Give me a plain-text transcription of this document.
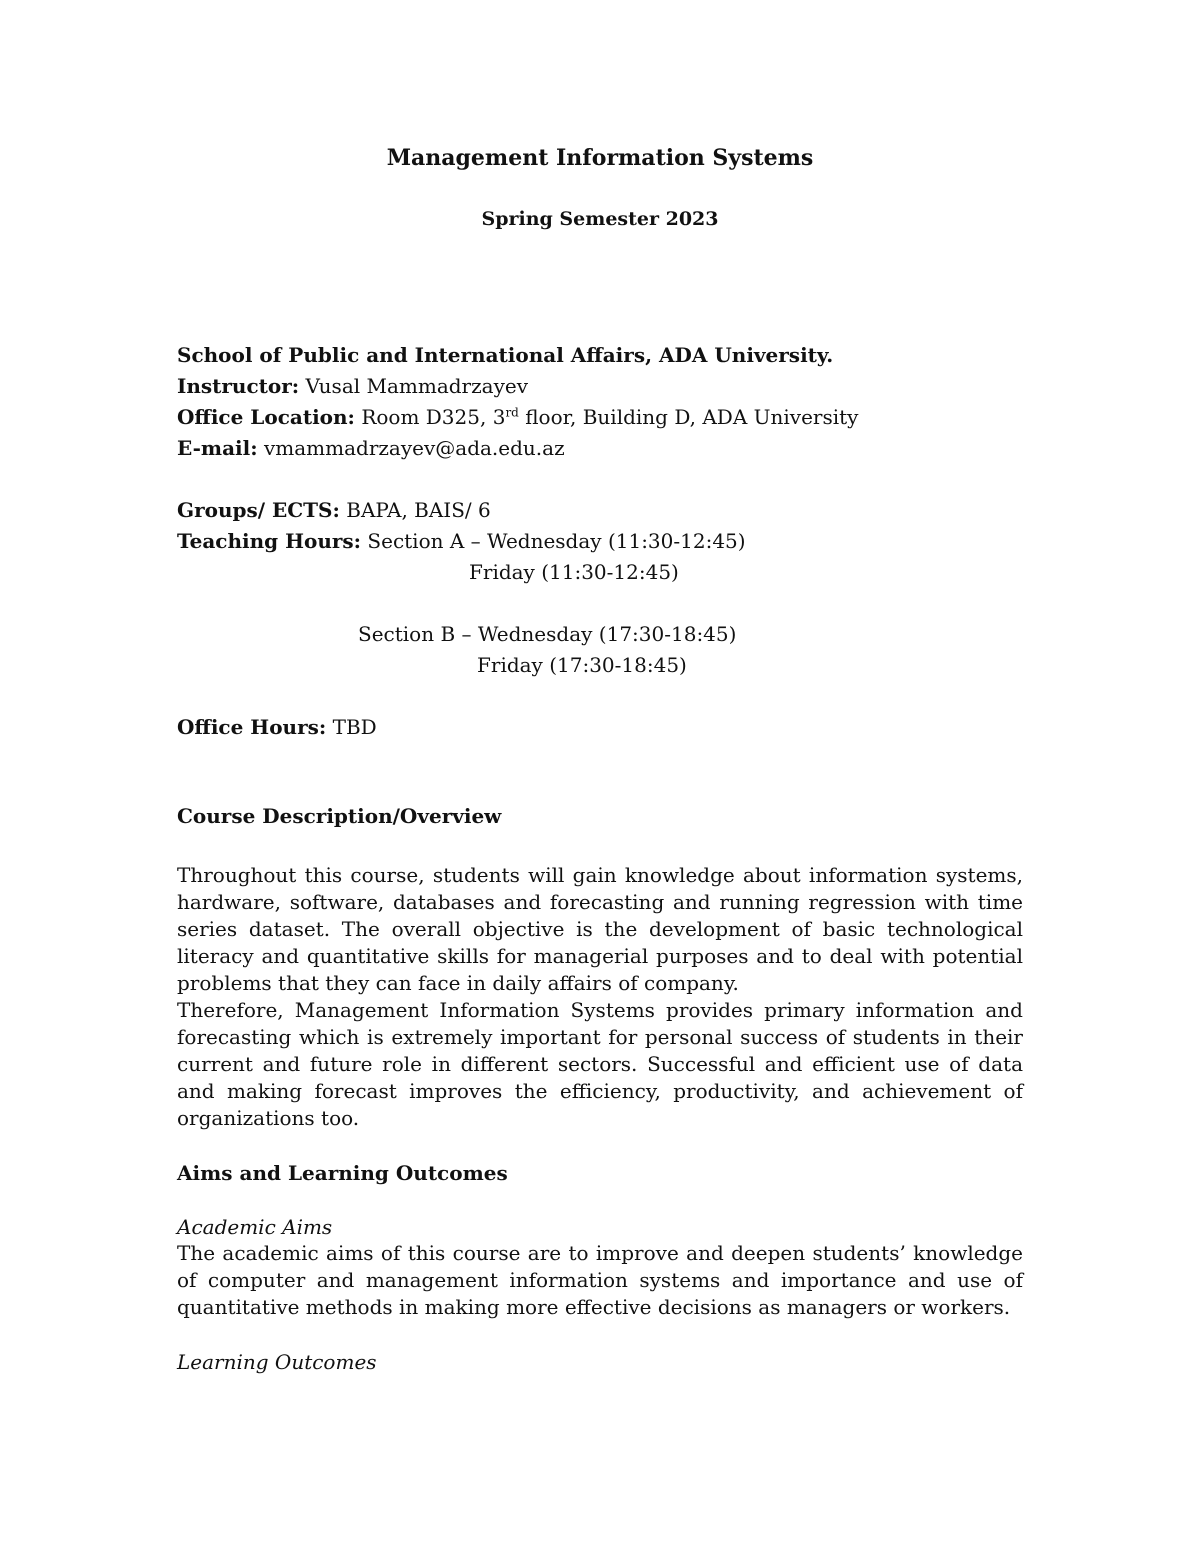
Management Information Systems
Spring Semester 2023
School of Public and International Affairs, ADA University.
Instructor: Vusal Mammadrzayev
Office Location: Room D325, 3rd floor, Building D, ADA University
E-mail: vmammadrzayev@ada.edu.az
Groups/ ECTS: BAPA, BAIS/ 6
Teaching Hours: Section A – Wednesday (11:30-12:45)
Friday (11:30-12:45)
Section B – Wednesday (17:30-18:45)
Friday (17:30-18:45)
Office Hours: TBD
Course Description/Overview
Throughout this course, students will gain knowledge about information systems, hardware, software, databases and forecasting and running regression with time series dataset. The overall objective is the development of basic technological literacy and quantitative skills for managerial purposes and to deal with potential problems that they can face in daily affairs of company.
Therefore, Management Information Systems provides primary information and forecasting which is extremely important for personal success of students in their current and future role in different sectors. Successful and efficient use of data and making forecast improves the efficiency, productivity, and achievement of organizations too.
Aims and Learning Outcomes
Academic Aims
The academic aims of this course are to improve and deepen students’ knowledge of computer and management information systems and importance and use of quantitative methods in making more effective decisions as managers or workers.
Learning Outcomes
